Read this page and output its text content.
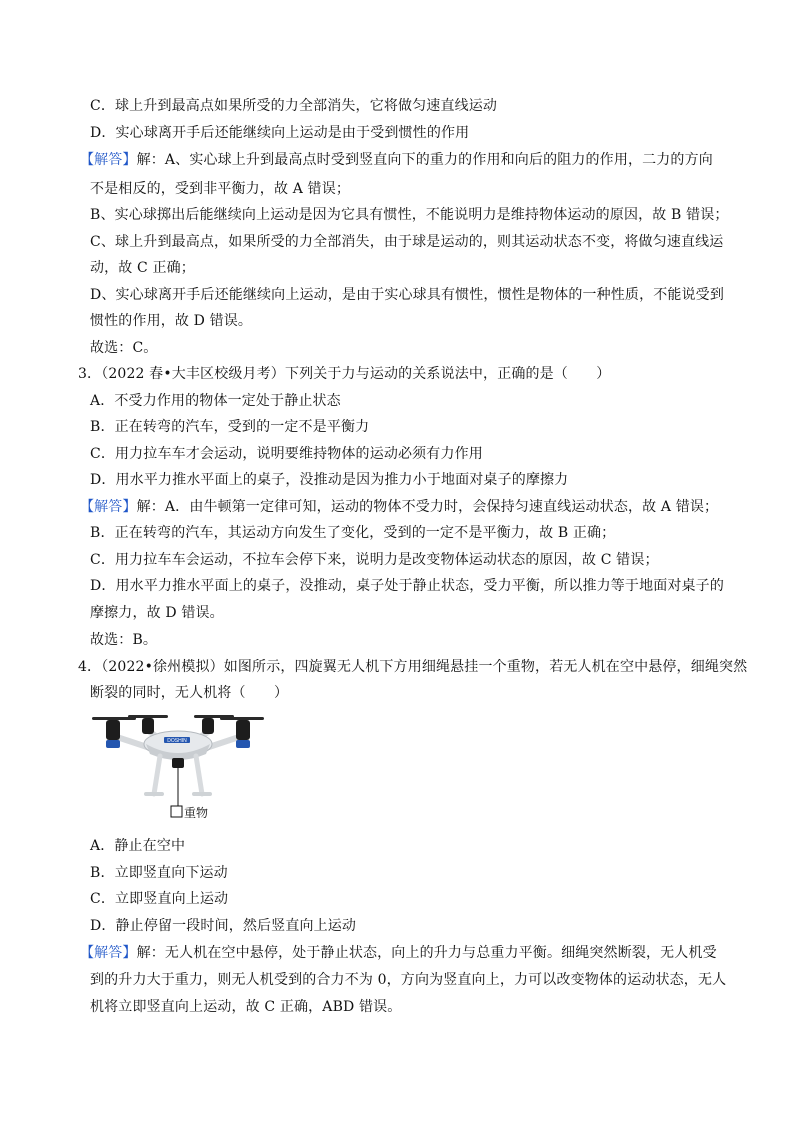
C．球上升到最高点如果所受的力全部消失，它将做匀速直线运动
D．实心球离开手后还能继续向上运动是由于受到惯性的作用
【解答】解：A、实心球上升到最高点时受到竖直向下的重力的作用和向后的阻力的作用，二力的方向
不是相反的，受到非平衡力，故 A 错误；
B、实心球掷出后能继续向上运动是因为它具有惯性，不能说明力是维持物体运动的原因，故 B 错误；
C、球上升到最高点，如果所受的力全部消失，由于球是运动的，则其运动状态不变，将做匀速直线运
动，故 C 正确；
D、实心球离开手后还能继续向上运动，是由于实心球具有惯性，惯性是物体的一种性质，不能说受到
惯性的作用，故 D 错误。
故选：C。
3．（2022 春•大丰区校级月考）下列关于力与运动的关系说法中，正确的是（　　）
A．不受力作用的物体一定处于静止状态
B．正在转弯的汽车，受到的一定不是平衡力
C．用力拉车车才会运动，说明要维持物体的运动必须有力作用
D．用水平力推水平面上的桌子，没推动是因为推力小于地面对桌子的摩擦力
【解答】解：A．由牛顿第一定律可知，运动的物体不受力时，会保持匀速直线运动状态，故 A 错误；
B．正在转弯的汽车，其运动方向发生了变化，受到的一定不是平衡力，故 B 正确；
C．用力拉车车会运动，不拉车会停下来，说明力是改变物体运动状态的原因，故 C 错误；
D．用水平力推水平面上的桌子，没推动，桌子处于静止状态，受力平衡，所以推力等于地面对桌子的
摩擦力，故 D 错误。
故选：B。
4．（2022•徐州模拟）如图所示，四旋翼无人机下方用细绳悬挂一个重物，若无人机在空中悬停，细绳突然
断裂的同时，无人机将（　　）
DOSHIN
重物
A．静止在空中
B．立即竖直向下运动
C．立即竖直向上运动
D．静止停留一段时间，然后竖直向上运动
【解答】解：无人机在空中悬停，处于静止状态，向上的升力与总重力平衡。细绳突然断裂，无人机受
到的升力大于重力，则无人机受到的合力不为 0，方向为竖直向上，力可以改变物体的运动状态，无人
机将立即竖直向上运动，故 C 正确，ABD 错误。
